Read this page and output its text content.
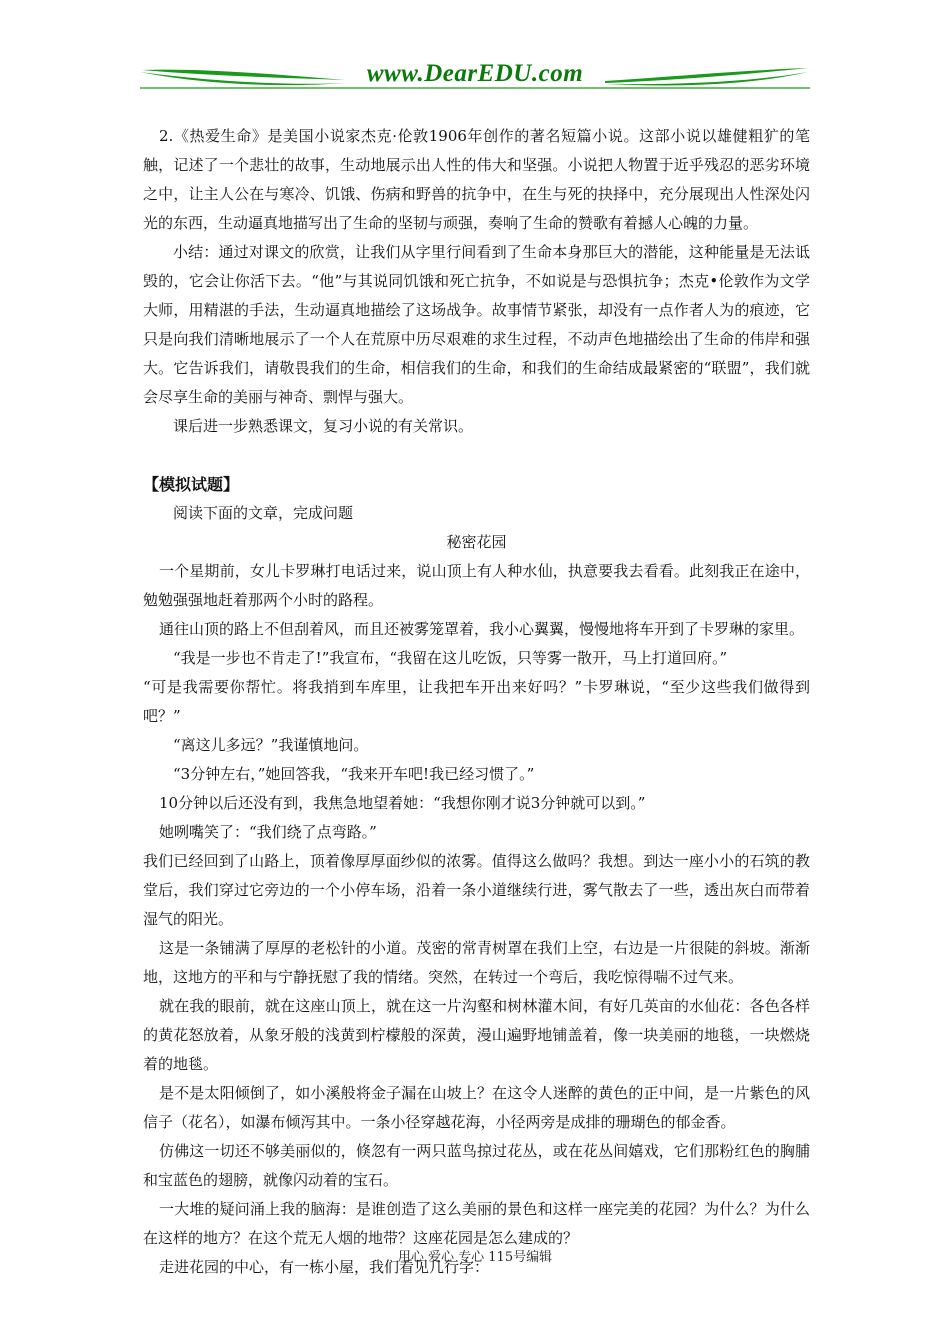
www.DearEDU.com

2.《热爱生命》是美国小说家杰克·伦敦1906年创作的著名短篇小说。这部小说以雄健粗犷的笔触，记述了一个悲壮的故事，生动地展示出人性的伟大和坚强。小说把人物置于近乎残忍的恶劣环境之中，让主人公在与寒冷、饥饿、伤病和野兽的抗争中，在生与死的抉择中，充分展现出人性深处闪光的东西，生动逼真地描写出了生命的坚韧与顽强，奏响了生命的赞歌有着撼人心魄的力量。

小结：通过对课文的欣赏，让我们从字里行间看到了生命本身那巨大的潜能，这种能量是无法诋毁的，它会让你活下去。“他”与其说同饥饿和死亡抗争，不如说是与恐惧抗争；杰克•伦敦作为文学大师，用精湛的手法，生动逼真地描绘了这场战争。故事情节紧张，却没有一点作者人为的痕迹，它只是向我们清晰地展示了一个人在荒原中历尽艰难的求生过程，不动声色地描绘出了生命的伟岸和强大。它告诉我们，请敬畏我们的生命，相信我们的生命，和我们的生命结成最紧密的“联盟”，我们就会尽享生命的美丽与神奇、剽悍与强大。

课后进一步熟悉课文，复习小说的有关常识。

【模拟试题】

阅读下面的文章，完成问题

秘密花园

一个星期前，女儿卡罗琳打电话过来，说山顶上有人种水仙，执意要我去看看。此刻我正在途中，勉勉强强地赶着那两个小时的路程。

通往山顶的路上不但刮着风，而且还被雾笼罩着，我小心翼翼，慢慢地将车开到了卡罗琳的家里。

“我是一步也不肯走了!”我宣布，“我留在这儿吃饭，只等雾一散开，马上打道回府。”

“可是我需要你帮忙。将我捎到车库里，让我把车开出来好吗？”卡罗琳说，“至少这些我们做得到吧？”

“离这儿多远？”我谨慎地问。

“3分钟左右，”她回答我，“我来开车吧!我已经习惯了。”

10分钟以后还没有到，我焦急地望着她：“我想你刚才说3分钟就可以到。”

她咧嘴笑了：“我们绕了点弯路。”

我们已经回到了山路上，顶着像厚厚面纱似的浓雾。值得这么做吗？我想。到达一座小小的石筑的教堂后，我们穿过它旁边的一个小停车场，沿着一条小道继续行进，雾气散去了一些，透出灰白而带着湿气的阳光。

这是一条铺满了厚厚的老松针的小道。茂密的常青树罩在我们上空，右边是一片很陡的斜坡。渐渐地，这地方的平和与宁静抚慰了我的情绪。突然，在转过一个弯后，我吃惊得喘不过气来。

就在我的眼前，就在这座山顶上，就在这一片沟壑和树林灌木间，有好几英亩的水仙花：各色各样的黄花怒放着，从象牙般的浅黄到柠檬般的深黄，漫山遍野地铺盖着，像一块美丽的地毯，一块燃烧着的地毯。

是不是太阳倾倒了，如小溪般将金子漏在山坡上？在这令人迷醉的黄色的正中间，是一片紫色的风信子（花名），如瀑布倾泻其中。一条小径穿越花海，小径两旁是成排的珊瑚色的郁金香。

仿佛这一切还不够美丽似的，倏忽有一两只蓝鸟掠过花丛，或在花丛间嬉戏，它们那粉红色的胸脯和宝蓝色的翅膀，就像闪动着的宝石。

一大堆的疑问涌上我的脑海：是谁创造了这么美丽的景色和这样一座完美的花园？为什么？为什么在这样的地方？在这个荒无人烟的地带？这座花园是怎么建成的？

走进花园的中心，有一栋小屋，我们看见几行字：

用心 爱心 专心 115号编辑
